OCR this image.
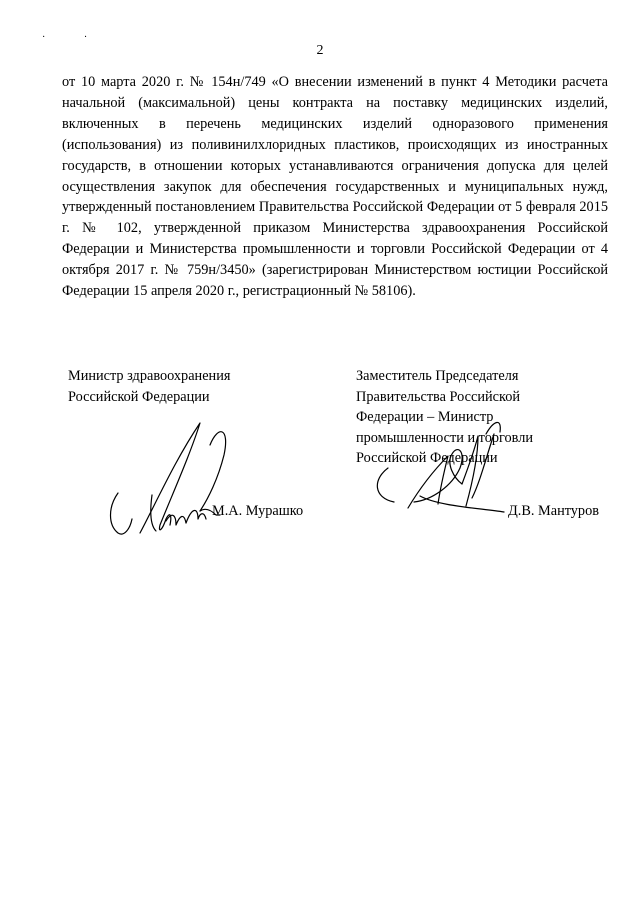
· ·
2
от 10 марта 2020 г. № 154н/749 «О внесении изменений в пункт 4 Методики расчета начальной (максимальной) цены контракта на поставку медицинских изделий, включенных в перечень медицинских изделий одноразового применения (использования) из поливинилхлоридных пластиков, происходящих из иностранных государств, в отношении которых устанавливаются ограничения допуска для целей осуществления закупок для обеспечения государственных и муниципальных нужд, утвержденный постановлением Правительства Российской Федерации от 5 февраля 2015 г. № 102, утвержденной приказом Министерства здравоохранения Российской Федерации и Министерства промышленности и торговли Российской Федерации от 4 октября 2017 г. № 759н/3450» (зарегистрирован Министерством юстиции Российской Федерации 15 апреля 2020 г., регистрационный № 58106).
Министр здравоохранения
Российской Федерации
М.А. Мурашко
Заместитель Председателя
Правительства Российской
Федерации – Министр
промышленности и торговли
Российской Федерации
Д.В. Мантуров
